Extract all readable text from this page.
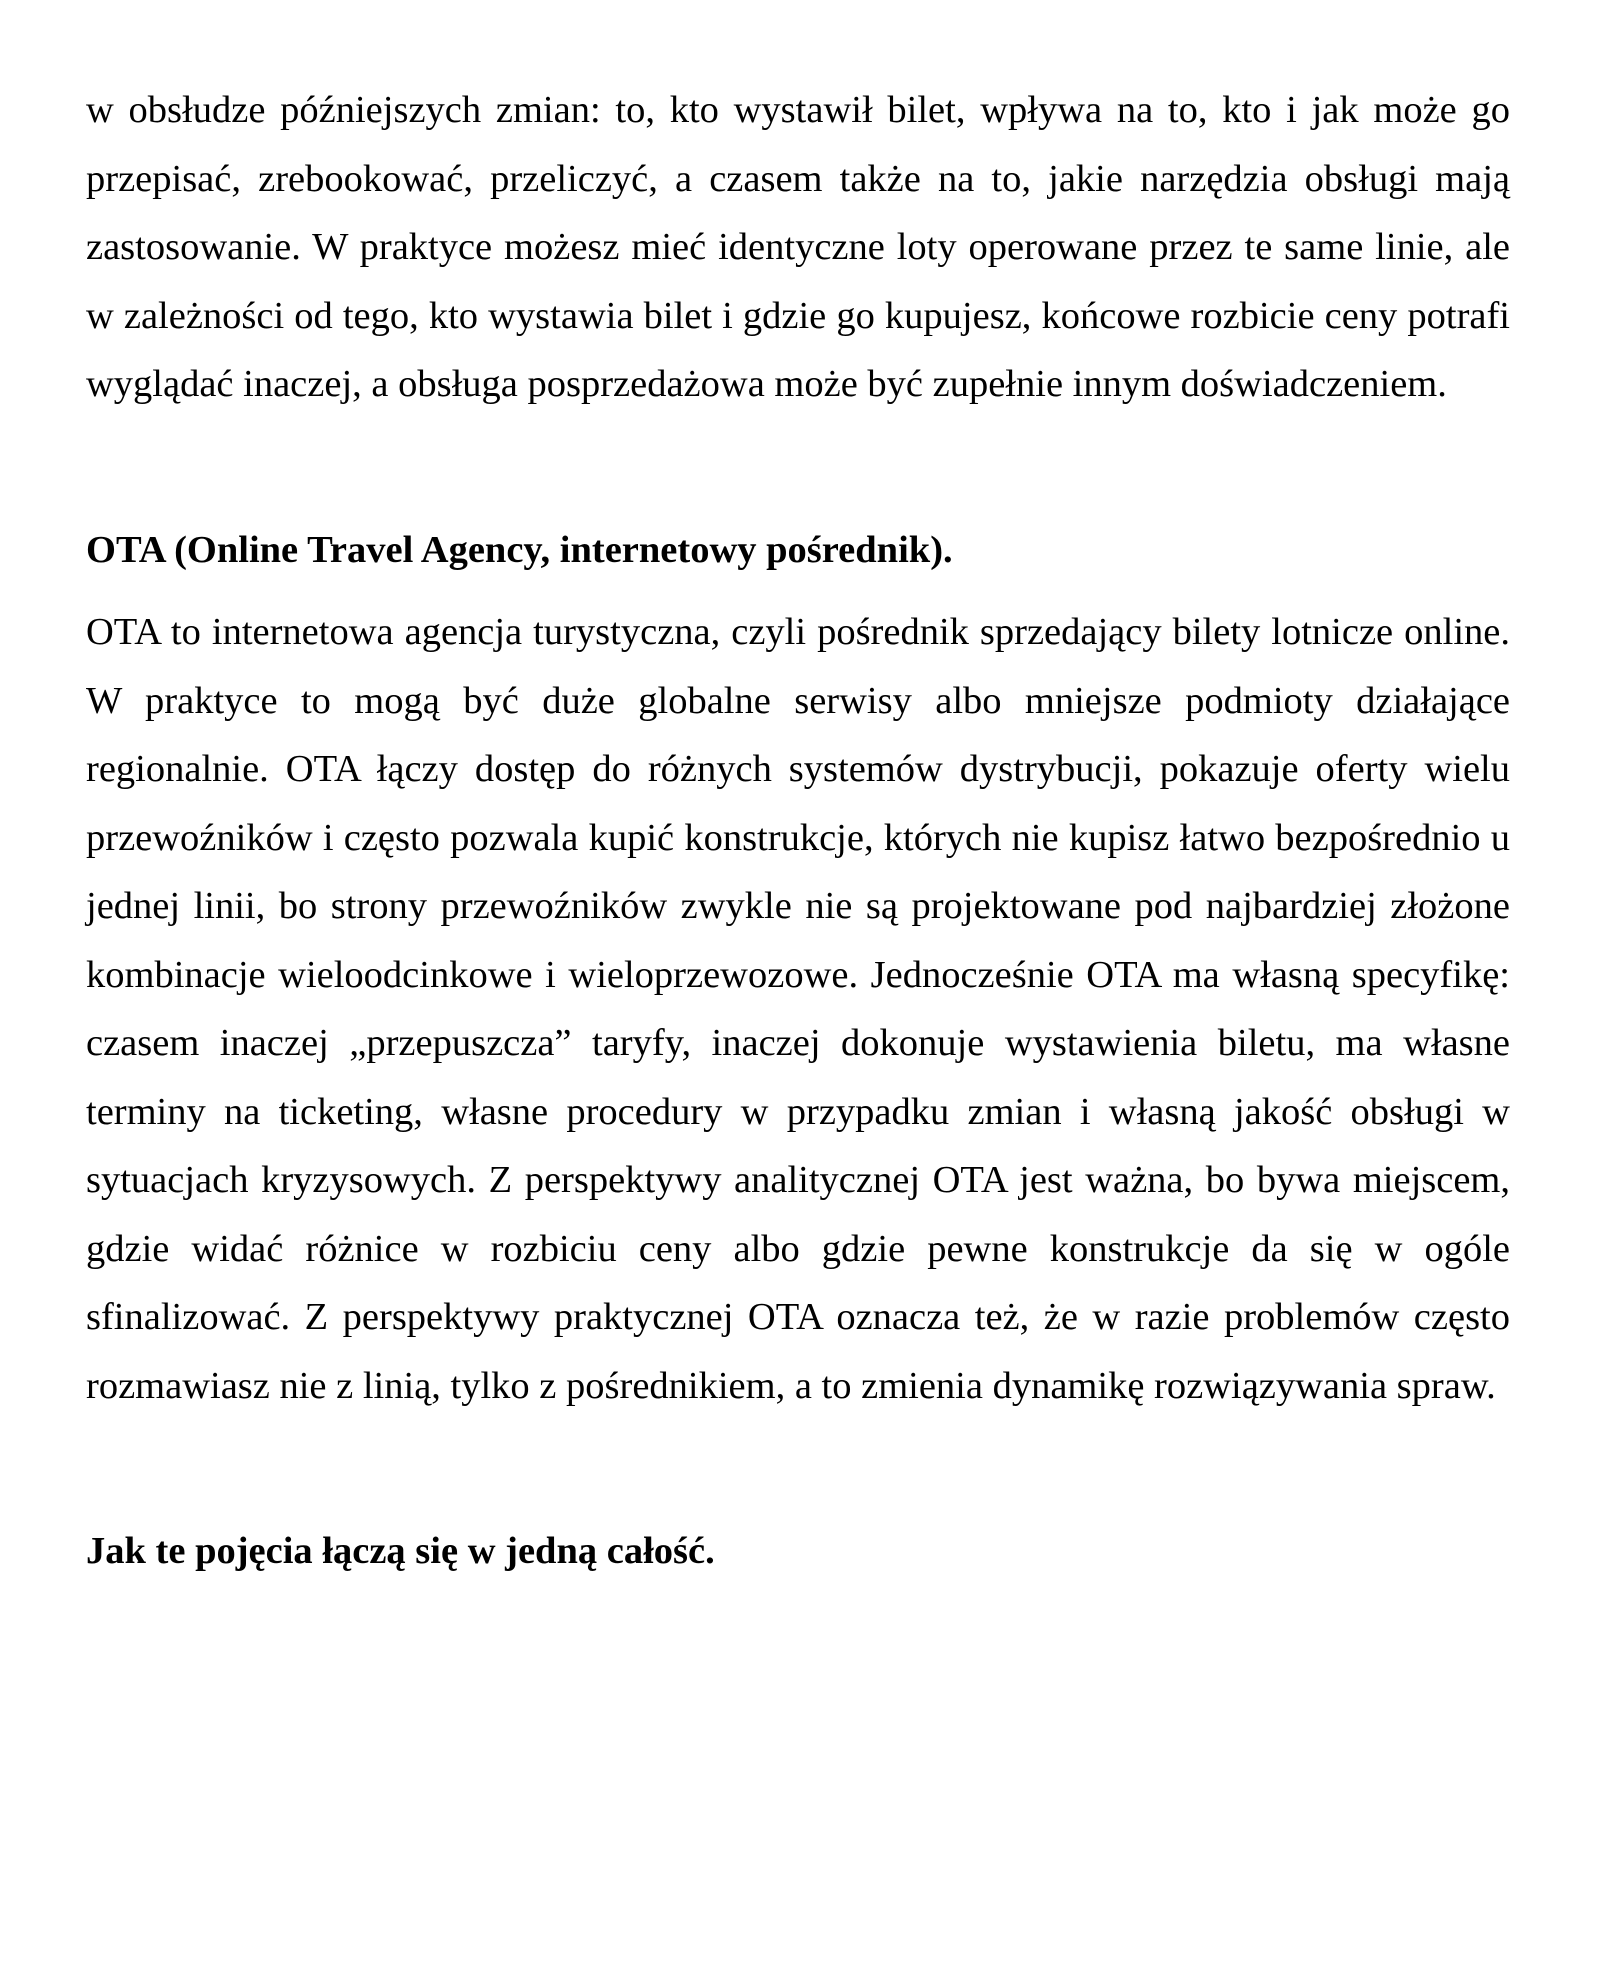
w obsłudze późniejszych zmian: to, kto wystawił bilet, wpływa na to, kto i jak może go przepisać, zrebookować, przeliczyć, a czasem także na to, jakie narzędzia obsługi mają zastosowanie. W praktyce możesz mieć identyczne loty operowane przez te same linie, ale w zależności od tego, kto wystawia bilet i gdzie go kupujesz, końcowe rozbicie ceny potrafi wyglądać inaczej, a obsługa posprzedażowa może być zupełnie innym doświadczeniem.

OTA (Online Travel Agency, internetowy pośrednik).

OTA to internetowa agencja turystyczna, czyli pośrednik sprzedający bilety lotnicze online. W praktyce to mogą być duże globalne serwisy albo mniejsze podmioty działające regionalnie. OTA łączy dostęp do różnych systemów dystrybucji, pokazuje oferty wielu przewoźników i często pozwala kupić konstrukcje, których nie kupisz łatwo bezpośrednio u jednej linii, bo strony przewoźników zwykle nie są projektowane pod najbardziej złożone kombinacje wieloodcinkowe i wieloprzewozowe. Jednocześnie OTA ma własną specyfikę: czasem inaczej „przepuszcza” taryfy, inaczej dokonuje wystawienia biletu, ma własne terminy na ticketing, własne procedury w przypadku zmian i własną jakość obsługi w sytuacjach kryzysowych. Z perspektywy analitycznej OTA jest ważna, bo bywa miejscem, gdzie widać różnice w rozbiciu ceny albo gdzie pewne konstrukcje da się w ogóle sfinalizować. Z perspektywy praktycznej OTA oznacza też, że w razie problemów często rozmawiasz nie z linią, tylko z pośrednikiem, a to zmienia dynamikę rozwiązywania spraw.

Jak te pojęcia łączą się w jedną całość.
